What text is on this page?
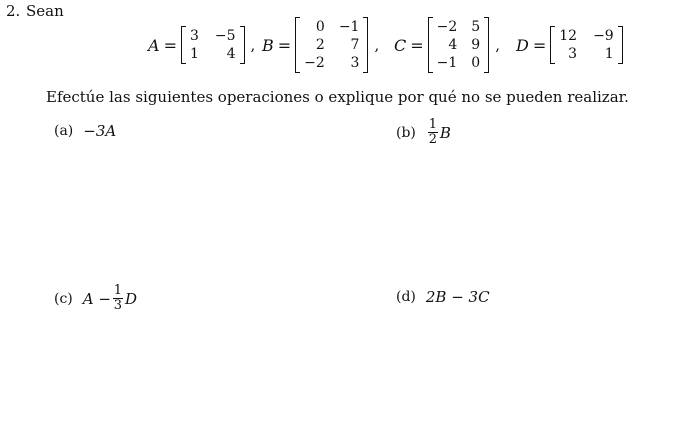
2. Sean
A = 3 −5
1	4 , B =
0 −1
2	7
−2	3
, C =
−2 5
4 9
−1 0
, D = 12 −9
3	1
Efectúe las siguientes operaciones o explique por qué no se pueden realizar.
(a) −3A	$(b) \frac{1}{2}$ B
(c) $A - \frac{1}{3}$ D	(d) 2B − 3C
